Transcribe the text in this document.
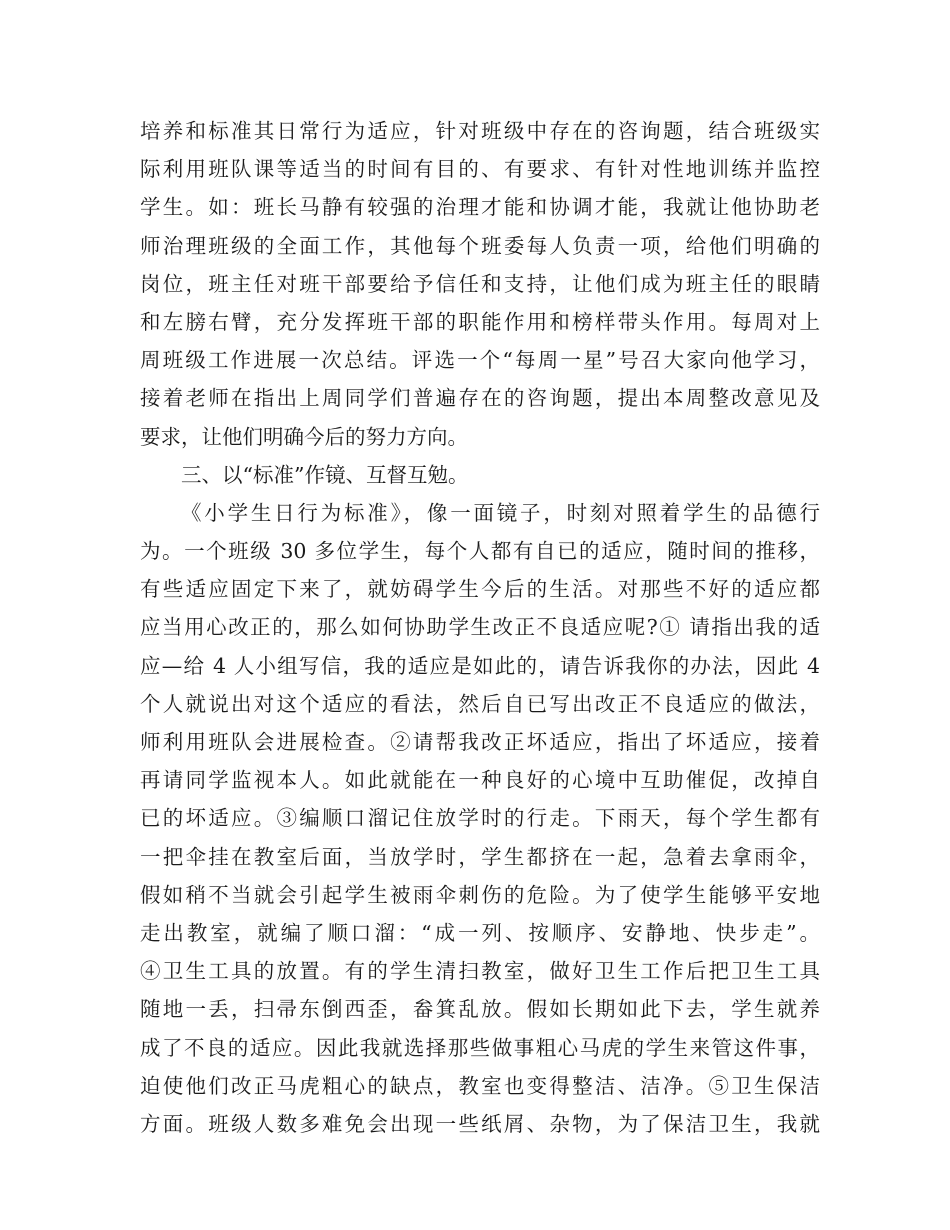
培养和标准其日常行为适应，针对班级中存在的咨询题，结合班级实
际利用班队课等适当的时间有目的、有要求、有针对性地训练并监控
学生。如：班长马静有较强的治理才能和协调才能，我就让他协助老
师治理班级的全面工作，其他每个班委每人负责一项，给他们明确的
岗位，班主任对班干部要给予信任和支持，让他们成为班主任的眼睛
和左膀右臂，充分发挥班干部的职能作用和榜样带头作用。每周对上
周班级工作进展一次总结。评选一个“每周一星”号召大家向他学习，
接着老师在指出上周同学们普遍存在的咨询题，提出本周整改意见及
要求，让他们明确今后的努力方向。
三、以“标准”作镜、互督互勉。
《小学生日行为标准》，像一面镜子，时刻对照着学生的品德行
为。一个班级 30 多位学生，每个人都有自已的适应，随时间的推移，
有些适应固定下来了，就妨碍学生今后的生活。对那些不好的适应都
应当用心改正的，那么如何协助学生改正不良适应呢?① 请指出我的适
应—给 4 人小组写信，我的适应是如此的，请告诉我你的办法，因此 4
个人就说出对这个适应的看法，然后自已写出改正不良适应的做法，
师利用班队会进展检查。②请帮我改正坏适应，指出了坏适应，接着
再请同学监视本人。如此就能在一种良好的心境中互助催促，改掉自
已的坏适应。③编顺口溜记住放学时的行走。下雨天，每个学生都有
一把伞挂在教室后面，当放学时，学生都挤在一起，急着去拿雨伞，
假如稍不当就会引起学生被雨伞刺伤的危险。为了使学生能够平安地
走出教室，就编了顺口溜：“成一列、按顺序、安静地、快步走”。
④卫生工具的放置。有的学生清扫教室，做好卫生工作后把卫生工具
随地一丢，扫帚东倒西歪，畚箕乱放。假如长期如此下去，学生就养
成了不良的适应。因此我就选择那些做事粗心马虎的学生来管这件事，
迫使他们改正马虎粗心的缺点，教室也变得整洁、洁净。⑤卫生保洁
方面。班级人数多难免会出现一些纸屑、杂物，为了保洁卫生，我就
